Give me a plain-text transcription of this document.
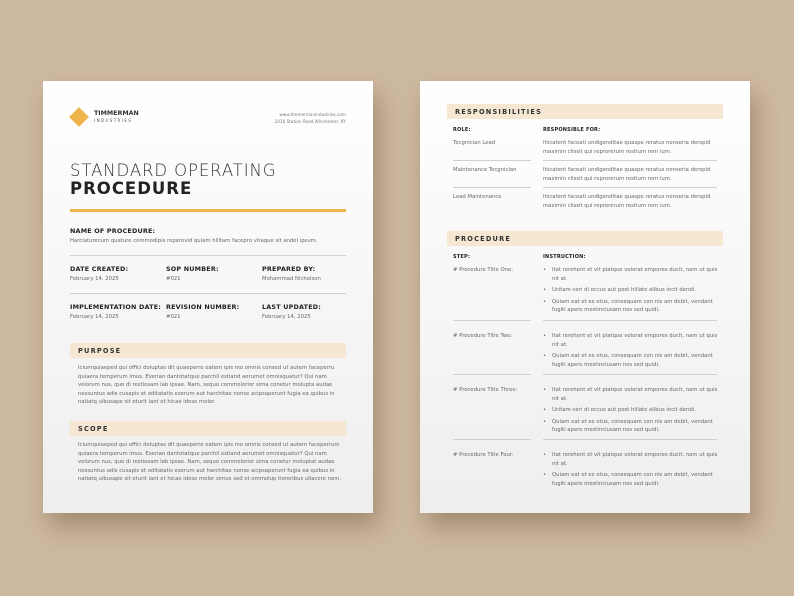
TIMMERMAN
INDUSTRIES
www.timmermanindustries.com
2416 Station Road,Winchester, KY
STANDARD OPERATING
PROCEDURE
NAME OF PROCEDURE:
Harciaturecum quature commodipis reperovid quiam hilltam facepro vitaque sit andel ipsum.
DATE CREATED:
February 14, 2025
SOP NUMBER:
#021
PREPARED BY:
Mohammad Nicholson
IMPLEMENTATION DATE:
February 14, 2025
REVISION NUMBER:
#021
LAST UPDATED:
February 14, 2025
PURPOSE
Iciumquiaeped qui offici doluptas dit quaeperro eatem ipis mo omnis consed ut autem faceperru quiaera temperum imus. Exerian dantotatque parchil estiand aerumet omnisquatur? Qui nam volorum nus, quo di restiosam lab ipsae. Nam, sequo commolorior sima conetur molupta audae nessuntus adis cusapis et oditatatis exerum aut harchitae nonse acipsaperunt fugia ea quibus in natiatq uibusape sit eturit lant et hicae idese molor.
SCOPE
Iciumquiaeped qui offici doluptas dit quaeperro eatem ipis mo omnis consed ut autem faceperrum quiaera temperum imus. Exerian dantotatque parchil estiand aerumet omnisquatur? Qui nam volorum nus, quo di restiosam lab ipsae. Nam, sequo commolorior sima conetur moluptat audae nessuntus adis cusapis et oditatatis exerum aut harchitae nonse acipsaperunt fugia ea quibus in natiatq uibusape sit eturit lant et hicae idese molor simus sed et ommolup tioreribus ullacere nem.
RESPONSIBILITIES
ROLE:	RESPONSIBLE FOR:
Tecgnician Lead	Ihicatent faceati undigenditae quaspe reratus nonseria derspid maximin clissit qui reprorerum restium rem ium.
Maintenance Tecgnician	Ihicatent faceati undigenditae quaspe reratus nonseria derspid maximin clissit qui reprorerum restium rem ium.
Lead Maintenance	Ihicatent faceati undigenditae quaspe reratus nonseria derspid maximin clissit qui reprorerum restium rem ium.
PROCEDURE
STEP:	INSTRUCTION:
# Procedure Title One:	• Itat rerehent et vit platque volorat empores ducit, nam ut quis nit at.
• Ucitam veri di occus aut post hillate alibus incit dendi.
• Quiam eat et ex etus, consequam con nis am debit, vendant fugiti apero mostinciusam nos sed quidi.
# Procedure Title Two:	• Itat rerehent et vit platque volorat empores ducit, nam ut quis nit at.
• Quiam eat et ex etus, consequam con nis am debit, vendant fugiti apero mostinciusam nos sed quidi.
# Procedure Title Three:	• Itat rerehent et vit platque volorat empores ducit, nam ut quis nit at.
• Ucitam veri di occus aut post hillate alibus incit dendi.
• Quiam eat et ex etus, consequam con nis am debit, vendant fugiti apero mostinciusam nos sed quidi.
# Procedure Title Four:	• Itat rerehent et vit platque volorat empores ducit, nam ut quis nit at.
• Quiam eat et ex etus, consequam con nis am debit, vendant fugiti apero mostinciusam nos sed quidi.
